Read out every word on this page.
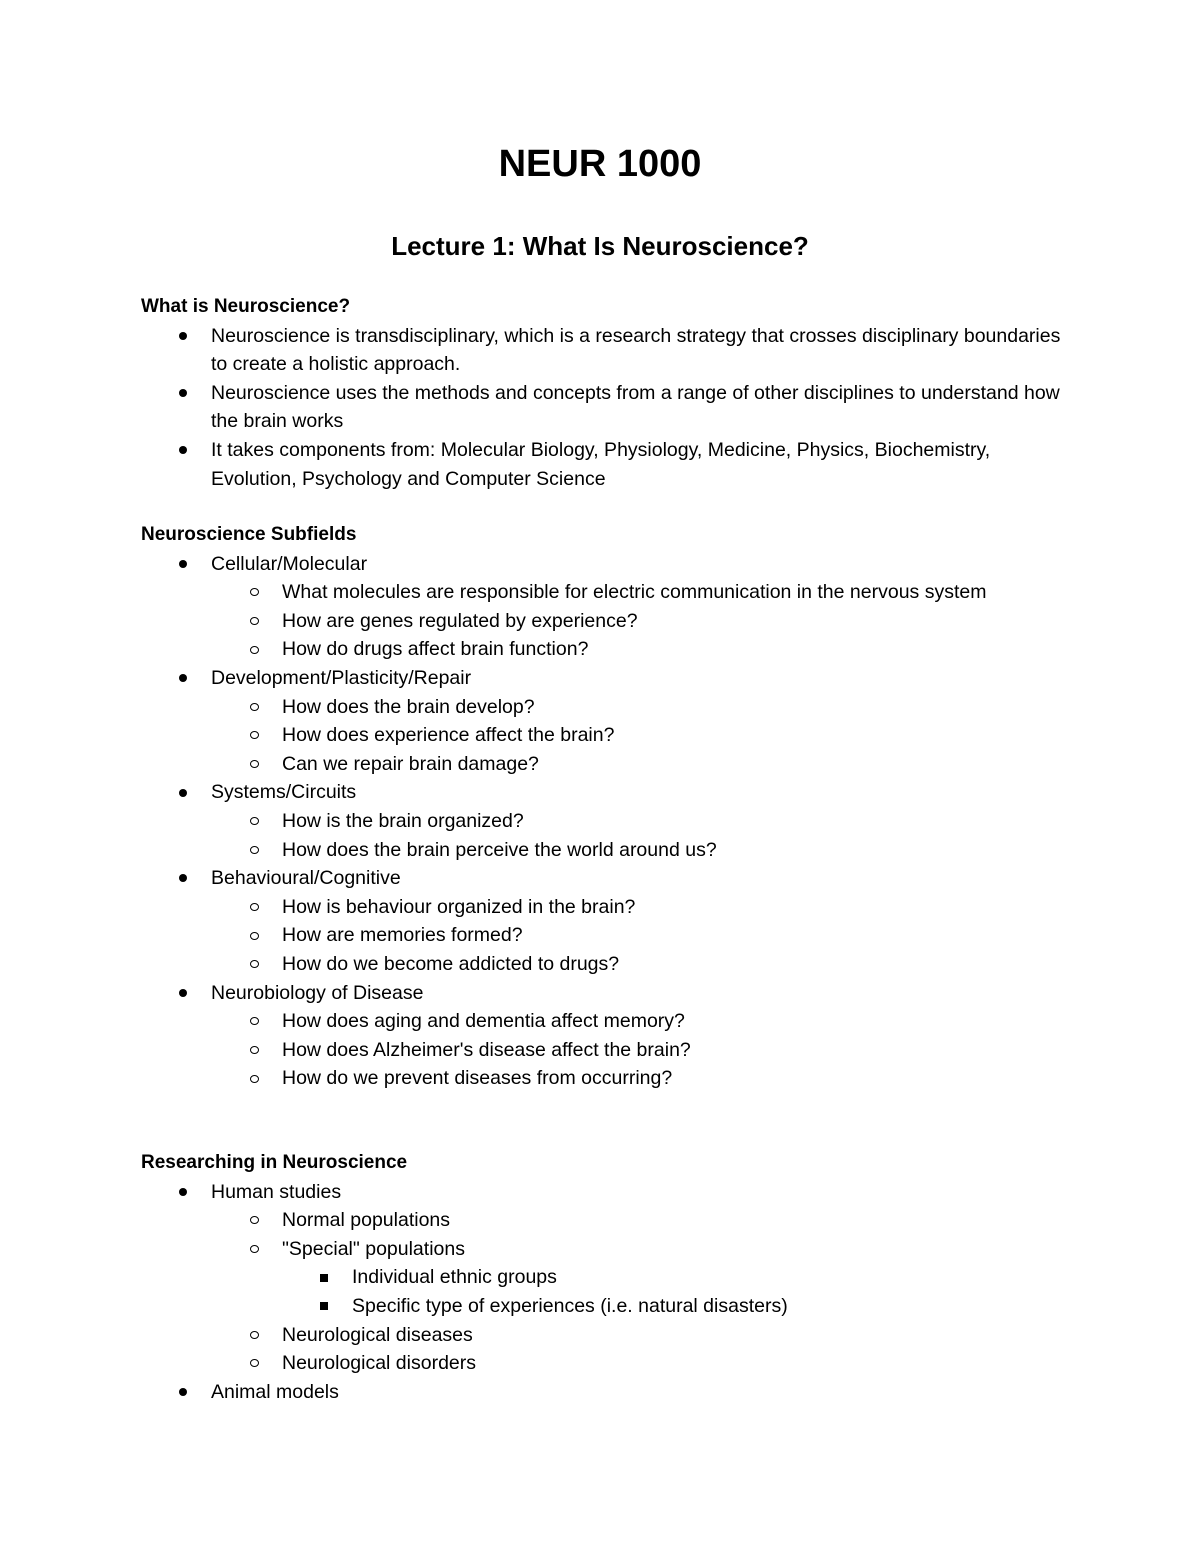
NEUR 1000
Lecture 1: What Is Neuroscience?
What is Neuroscience?
Neuroscience is transdisciplinary, which is a research strategy that crosses disciplinary boundaries to create a holistic approach.
Neuroscience uses the methods and concepts from a range of other disciplines to understand how the brain works
It takes components from: Molecular Biology, Physiology, Medicine, Physics, Biochemistry, Evolution, Psychology and Computer Science
Neuroscience Subfields
Cellular/Molecular
What molecules are responsible for electric communication in the nervous system
How are genes regulated by experience?
How do drugs affect brain function?
Development/Plasticity/Repair
How does the brain develop?
How does experience affect the brain?
Can we repair brain damage?
Systems/Circuits
How is the brain organized?
How does the brain perceive the world around us?
Behavioural/Cognitive
How is behaviour organized in the brain?
How are memories formed?
How do we become addicted to drugs?
Neurobiology of Disease
How does aging and dementia affect memory?
How does Alzheimer's disease affect the brain?
How do we prevent diseases from occurring?
Researching in Neuroscience
Human studies
Normal populations
"Special" populations
Individual ethnic groups
Specific type of experiences (i.e. natural disasters)
Neurological diseases
Neurological disorders
Animal models
